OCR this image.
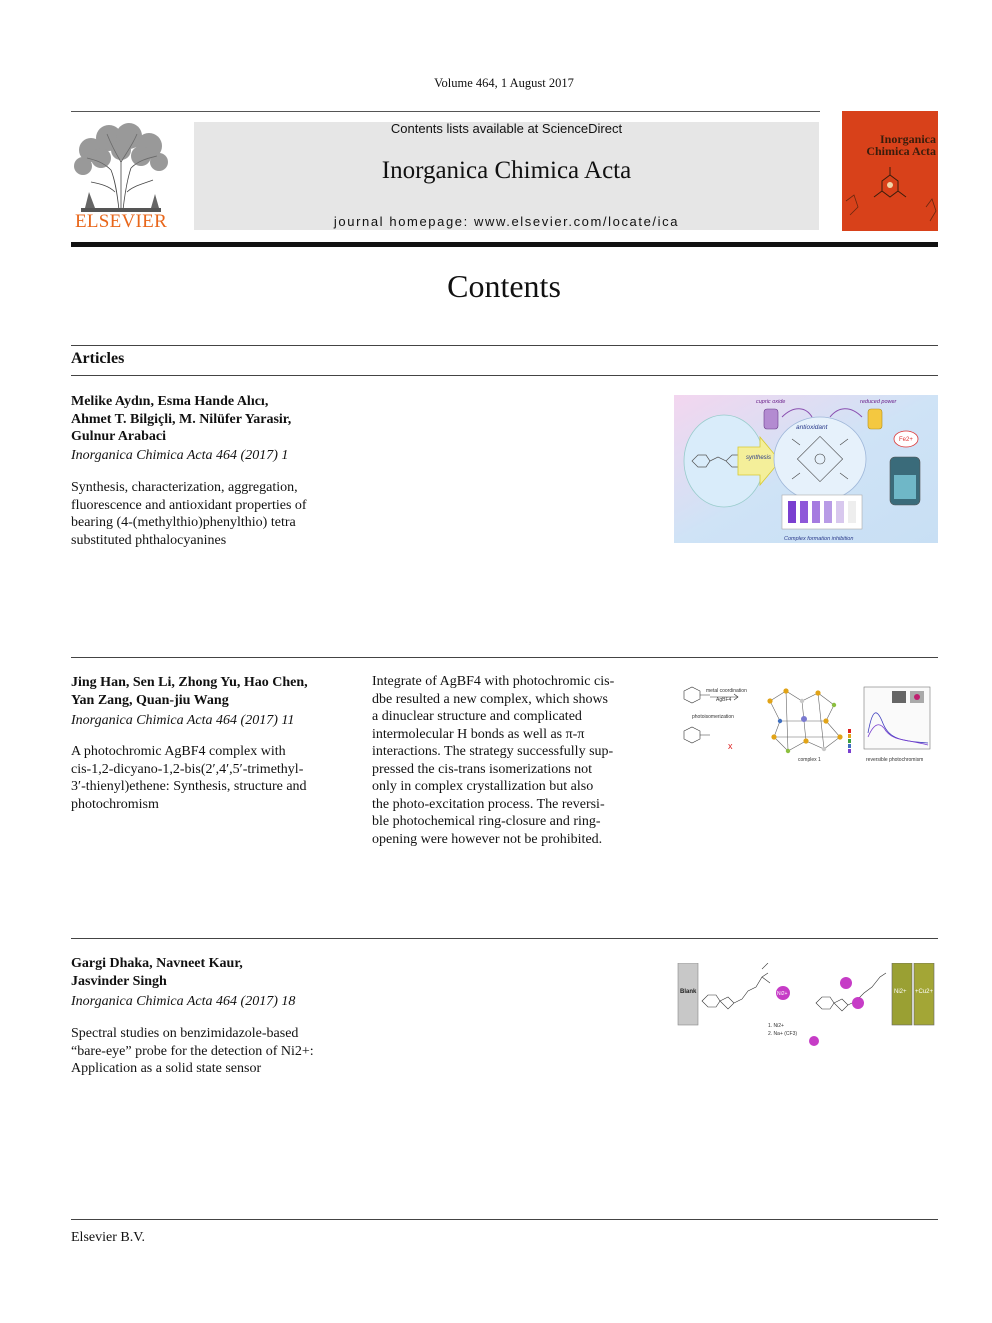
Volume 464, 1 August 2017
ELSEVIER
Contents lists available at ScienceDirect
Inorganica Chimica Acta
journal homepage: www.elsevier.com/locate/ica
Inorganica
Chimica Acta
Contents
Articles
Melike Aydın, Esma Hande Alıcı,
Ahmet T. Bilgiçli, M. Nilüfer Yarasir,
Gulnur Arabaci
Inorganica Chimica Acta 464 (2017) 1
Synthesis, characterization, aggregation,
fluorescence and antioxidant properties of
bearing (4-(methylthio)phenylthio) tetra
substituted phthalocyanines
synthesis
antioxidant
cupric oxide	reduced power
Fe2+
Complex formation inhibition
Jing Han, Sen Li, Zhong Yu, Hao Chen,
Yan Zang, Quan-jiu Wang
Inorganica Chimica Acta 464 (2017) 11
A photochromic AgBF4 complex with
cis-1,2-dicyano-1,2-bis(2′,4′,5′-trimethyl-
3′-thienyl)ethene: Synthesis, structure and
photochromism
Integrate of AgBF4 with photochromic cis-
dbe resulted a new complex, which shows
a dinuclear structure and complicated
intermolecular H bonds as well as π-π
interactions. The strategy successfully sup-
pressed the cis-trans isomerizations not
only in complex crystallization but also
the photo-excitation process. The reversi-
ble photochemical ring-closure and ring-
opening were however not be prohibited.
metal coordination
AgBF4
photoisomerization
x
complex 1	reversible photochromism
Gargi Dhaka, Navneet Kaur,
Jasvinder Singh
Inorganica Chimica Acta 464 (2017) 18
Spectral studies on benzimidazole-based
“bare-eye” probe for the detection of Ni2+:
Application as a solid state sensor
Blank	Ni2+
1. Ni2+
2. Na+ (CF3)
Ni2+ +Cu2+
Elsevier B.V.
